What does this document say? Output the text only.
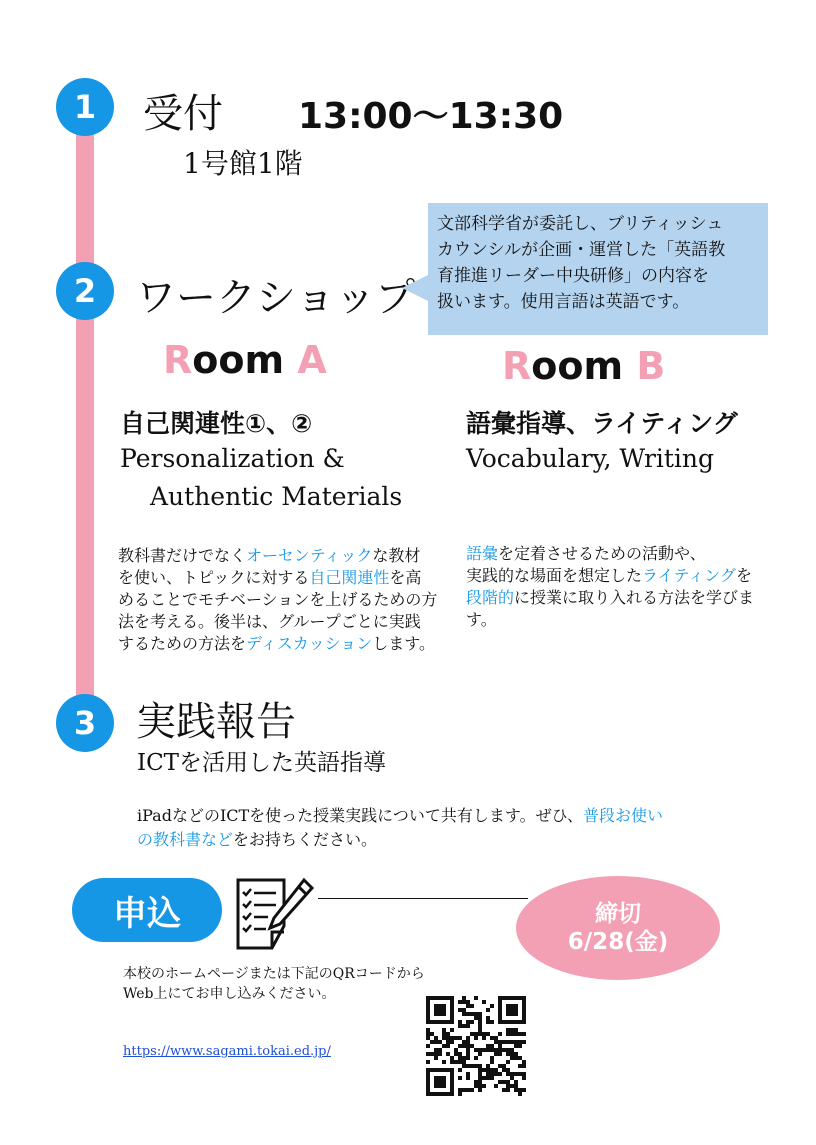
1 受付 13:00〜13:30
1号館1階
2 ワークショップ
文部科学省が委託し、ブリティッシュ
カウンシルが企画・運営した「英語教
育推進リーダー中央研修」の内容を
扱います。使用言語は英語です。
Room A
自己関連性①、②
Personalization &
Authentic Materials
教科書だけでなくオーセンティックな教材
を使い、トピックに対する自己関連性を高
めることでモチベーションを上げるための方
法を考える。後半は、グループごとに実践
するための方法をディスカッションします。
Room B
語彙指導、ライティング
Vocabulary, Writing
語彙を定着させるための活動や、
実践的な場面を想定したライティングを
段階的に授業に取り入れる方法を学びま
す。
3 実践報告
ICTを活用した英語指導
iPadなどのICTを使った授業実践について共有します。ぜひ、普段お使い
の教科書などをお持ちください。
申込	締切
6/28(金)
本校のホームページまたは下記のQRコードから
Web上にてお申し込みください。
https://www.sagami.tokai.ed.jp/
